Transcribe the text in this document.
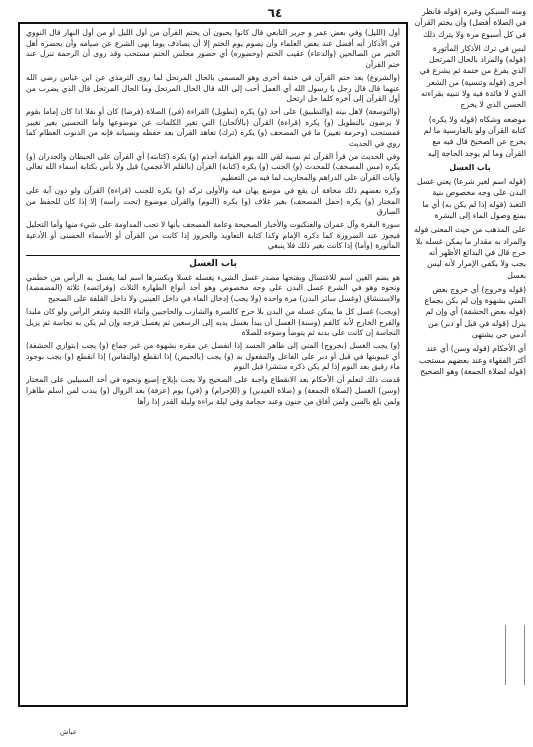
٦٤

أول (الليل) وفي بعض عمر و جرير التابعي قال كانوا يحبون أن يختم القرآن من أول الليل أو من أول النهار قال النووي في الأذكار أنه أفضل عند بعض العلماء وأن يصوم يوم الختم إلا أن يصادف يوما نهى الشرع عن صيامه وأن يحضره أهل الخير من الصالحين (والدعاء) عقيب الختم (وحضوره) أي حضور مجلس الختم مستحب وقد روى أن الرحمة تنزل عند ختم القرآن

(والشروع) بعد ختم القرآن في ختمة أخرى وهو المسمى بالحال المرتحل لما روى الترمذي عن ابن عباس رضي الله عنهما قال قال رجل يا رسول الله أي العمل أحب إلى الله قال الحال المرتحل وما الحال المرتحل قال الذي يضرب من أول القرآن إلى آخره كلما حل ارتحل

(والتوسعة) لاهل بيته (والتطبيق) على أحد (و) يكره (تطويل) القراءة (في) الصلاة (فرضا) كان أو نفلا اذا كان إماما بقوم لا يرضون بالتطويل (و) يكره (قراءة) القرآن (بالألحان) التي تغير الكلمات عن موضوعها وأما التحسين بغير تغيير فمستحب (وحرمة تغيير) ما في المصحف (و) يكره (ترك) تعاهد القرآن بعد حفظه ونسيانه فإنه من الذنوب العظام كما روي في الحديث

وفي الحديث من قرأ القرآن ثم نسيه لقي الله يوم القيامة أجذم (و) يكره (كتابته) أي القرآن على الحيطان والجدران (و) يكره (مس المصحف) للمحدث (و) الجنب (و) يكره (كتابة) القرآن (بالقلم الأعجمي) قيل ولا بأس بكتابة أسماء الله تعالى وآيات القرآن على الدراهم والمحاريب لما فيه من التعظيم

وكره بعضهم ذلك مخافة أن يقع في موضع يهان فيه والأولى تركه (و) يكره للجنب (قراءة) القرآن ولو دون آية على المختار (و) يكره (حمل المصحف) بغير غلاف (و) يكره (النوم) والقرآن موضوع (تحت رأسه) إلا إذا كان للحفظ من السارق

سورة البقرة وآل عمران والعنكبوت والأخبار الصحيحة وعامة المصحف بأنها لا تحب المداومة على شيء منها وأما التحليل فيجوز عند الضرورة كما ذكره الإمام وكذا كتابة التعاويذ والحروز إذا كانت من القرآن أو الأسماء الحسنى أو الأدعية المأثورة (وأما) إذا كانت بغير ذلك فلا ينبغي

باب الغسل

هو بضم الغين اسم للاغتسال وبفتحها مصدر غسل الشيء يغسله غسلا وبكسرها اسم لما يغسل به الرأس من خطمي ونحوه وهو في الشرع غسل البدن على وجه مخصوص وهو أحد أنواع الطهارة الثلاث (وفرائضه) ثلاثة (المضمضة) والاستنشاق (وغسل سائر البدن) مرة واحدة (ولا يجب) إدخال الماء في داخل العينين ولا داخل القلفة على الصحيح

(ويجب) غسل كل ما يمكن غسله من البدن بلا حرج كالسرة والشارب والحاجبين وأثناء اللحية وشعر الرأس ولو كان ملبدا والفرج الخارج لأنه كالفم (وسنة) الغسل أن يبدأ بغسل يديه إلى الرسغين ثم يغسل فرجه وإن لم يكن به نجاسة ثم يزيل النجاسة إن كانت على بدنه ثم يتوضأ وضوءه للصلاة

(و) يجب الغسل (بخروج) المني إلى ظاهر الجسد إذا انفصل عن مقره بشهوة من غير جماع (و) يجب (بتواري الحشفة) أي غيبوبتها في قبل أو دبر على الفاعل والمفعول به (و) يجب (بالحيض) إذا انقطع (والنفاس) إذا انقطع (و) يجب بوجود ماء رقيق بعد النوم إذا لم يكن ذكره منتشرا قبل النوم

قدمت ذلك لتعلم أن الأحكام بعد الانقطاع واجبة على الصحيح ولا يجب بإيلاج إصبع ونحوه في أحد السبيلين على المختار (وسن) الغسل (لصلاة الجمعة) و (صلاة العيدين) و (للإحرام) و (في) يوم (عرفة) بعد الزوال (و) يندب لمن أسلم طاهرا ولمن بلغ بالسن ولمن أفاق من جنون وعند حجامة وفي ليلة براءة وليلة القدر إذا رآها

ومنه السبكي وغيره (قوله فانظر في الصلاة أفضل) وأن يختم القرآن في كل أسبوع مرة ولا يترك ذلك

ليس في ترك الأذكار المأثورة (قوله) والمراد بالحال المرتحل الذي يفرغ من ختمة ثم يشرع في أخرى (قوله وتنسية) من الشعر الذي لا فائدة فيه ولا تنبيه بقراءته الحسن الذي لا يخرج

موضعه وشكاه (قوله ولا يكره) كتابة القرآن ولو بالفارسية ما لم يخرج عن الصحيح قال فيه مع القرآن وما لم يوجد الحاجة إليه

باب الغسل

(قوله اسم لغير شرعا) يعني غسل البدن على وجه مخصوص بنية التعبد (قوله إذا لم يكن به) أي ما يمنع وصول الماء إلى البشرة

على المذهب من حيث المعنى قوله والمراد به مقدار ما يمكن غسله بلا حرج قال في البدائع الأظهر أنه يجب ولا يكفي الإمرار لأنه ليس بغسل

(قوله وخروج) أي خروج بعض المني بشهوة وإن لم يكن بجماع (قوله بعض الحشفة) أي وإن لم ينزل (قوله في قبل أو دبر) من آدمي حي يشتهى

أي الأحكام (قوله وسن) أي عند أكثر الفقهاء وعند بعضهم مستحب (قوله لصلاة الجمعة) وهو الصحيح

عياش
